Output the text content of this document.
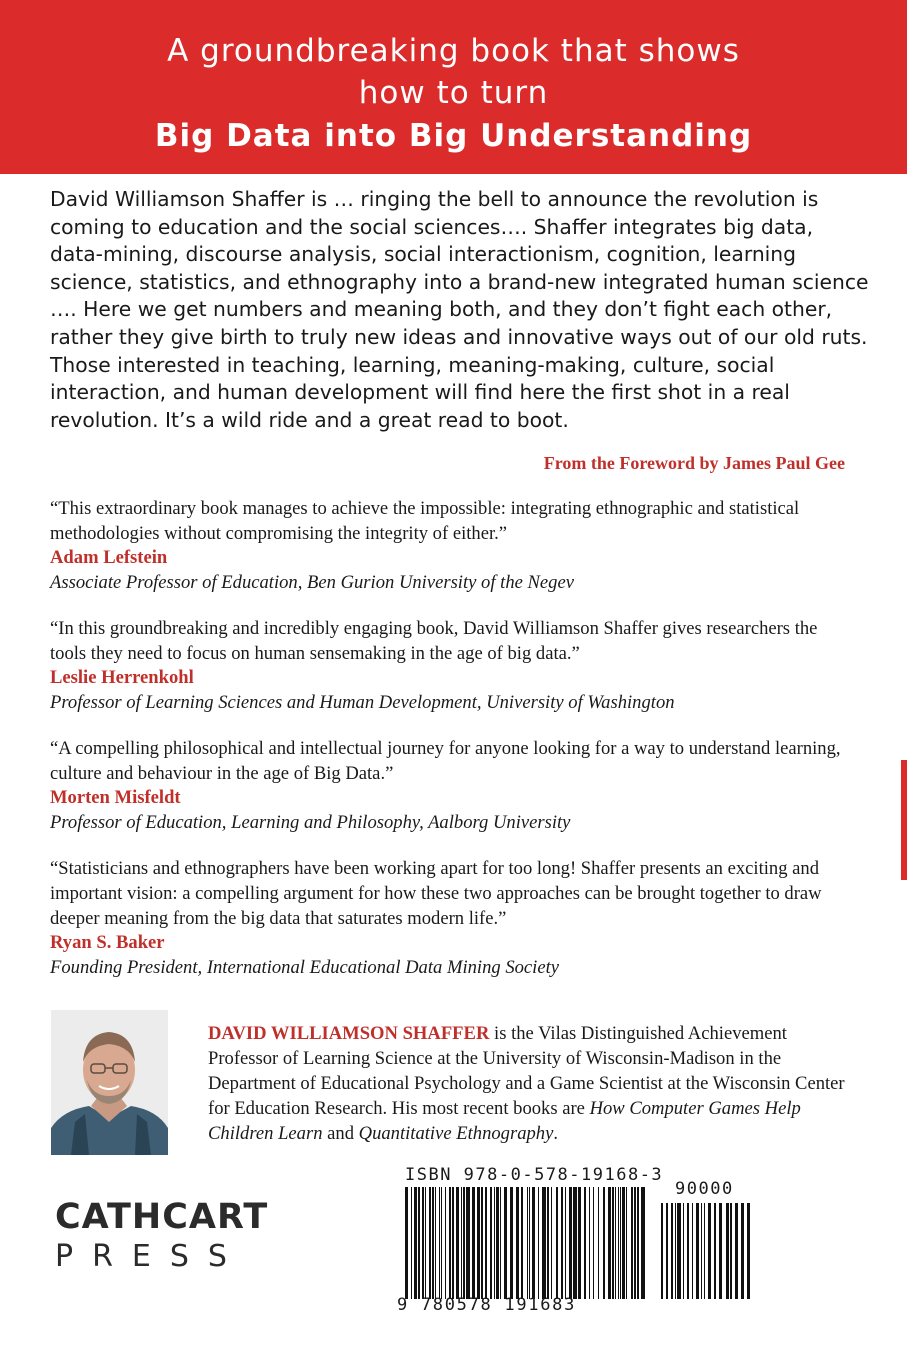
A groundbreaking book that shows
how to turn
Big Data into Big Understanding
David Williamson Shaffer is … ringing the bell to announce the revolution is coming to education and the social sciences…. Shaffer integrates big data, data-mining, discourse analysis, social interactionism, cognition, learning science, statistics, and ethnography into a brand-new integrated human science …. Here we get numbers and meaning both, and they don’t fight each other, rather they give birth to truly new ideas and innovative ways out of our old ruts. Those interested in teaching, learning, meaning-making, culture, social interaction, and human development will find here the first shot in a real revolution. It’s a wild ride and a great read to boot.
From the Foreword by James Paul Gee
“This extraordinary book manages to achieve the impossible: integrating ethnographic and statistical methodologies without compromising the integrity of either.”
Adam Lefstein
Associate Professor of Education, Ben Gurion University of the Negev
“In this groundbreaking and incredibly engaging book, David Williamson Shaffer gives researchers the tools they need to focus on human sensemaking in the age of big data.”
Leslie Herrenkohl
Professor of Learning Sciences and Human Development, University of Washington
“A compelling philosophical and intellectual journey for anyone looking for a way to understand learning, culture and behaviour in the age of Big Data.”
Morten Misfeldt
Professor of Education, Learning and Philosophy, Aalborg University
“Statisticians and ethnographers have been working apart for too long! Shaffer presents an exciting and important vision: a compelling argument for how these two approaches can be brought together to draw deeper meaning from the big data that saturates modern life.”
Ryan S. Baker
Founding President, International Educational Data Mining Society
DAVID WILLIAMSON SHAFFER is the Vilas Distinguished Achievement Professor of Learning Science at the University of Wisconsin-Madison in the Department of Educational Psychology and a Game Scientist at the Wisconsin Center for Education Research. His most recent books are How Computer Games Help Children Learn and Quantitative Ethnography.
CATHCART
PRESS
ISBN 978-0-578-19168-3
90000
9 780578 191683
